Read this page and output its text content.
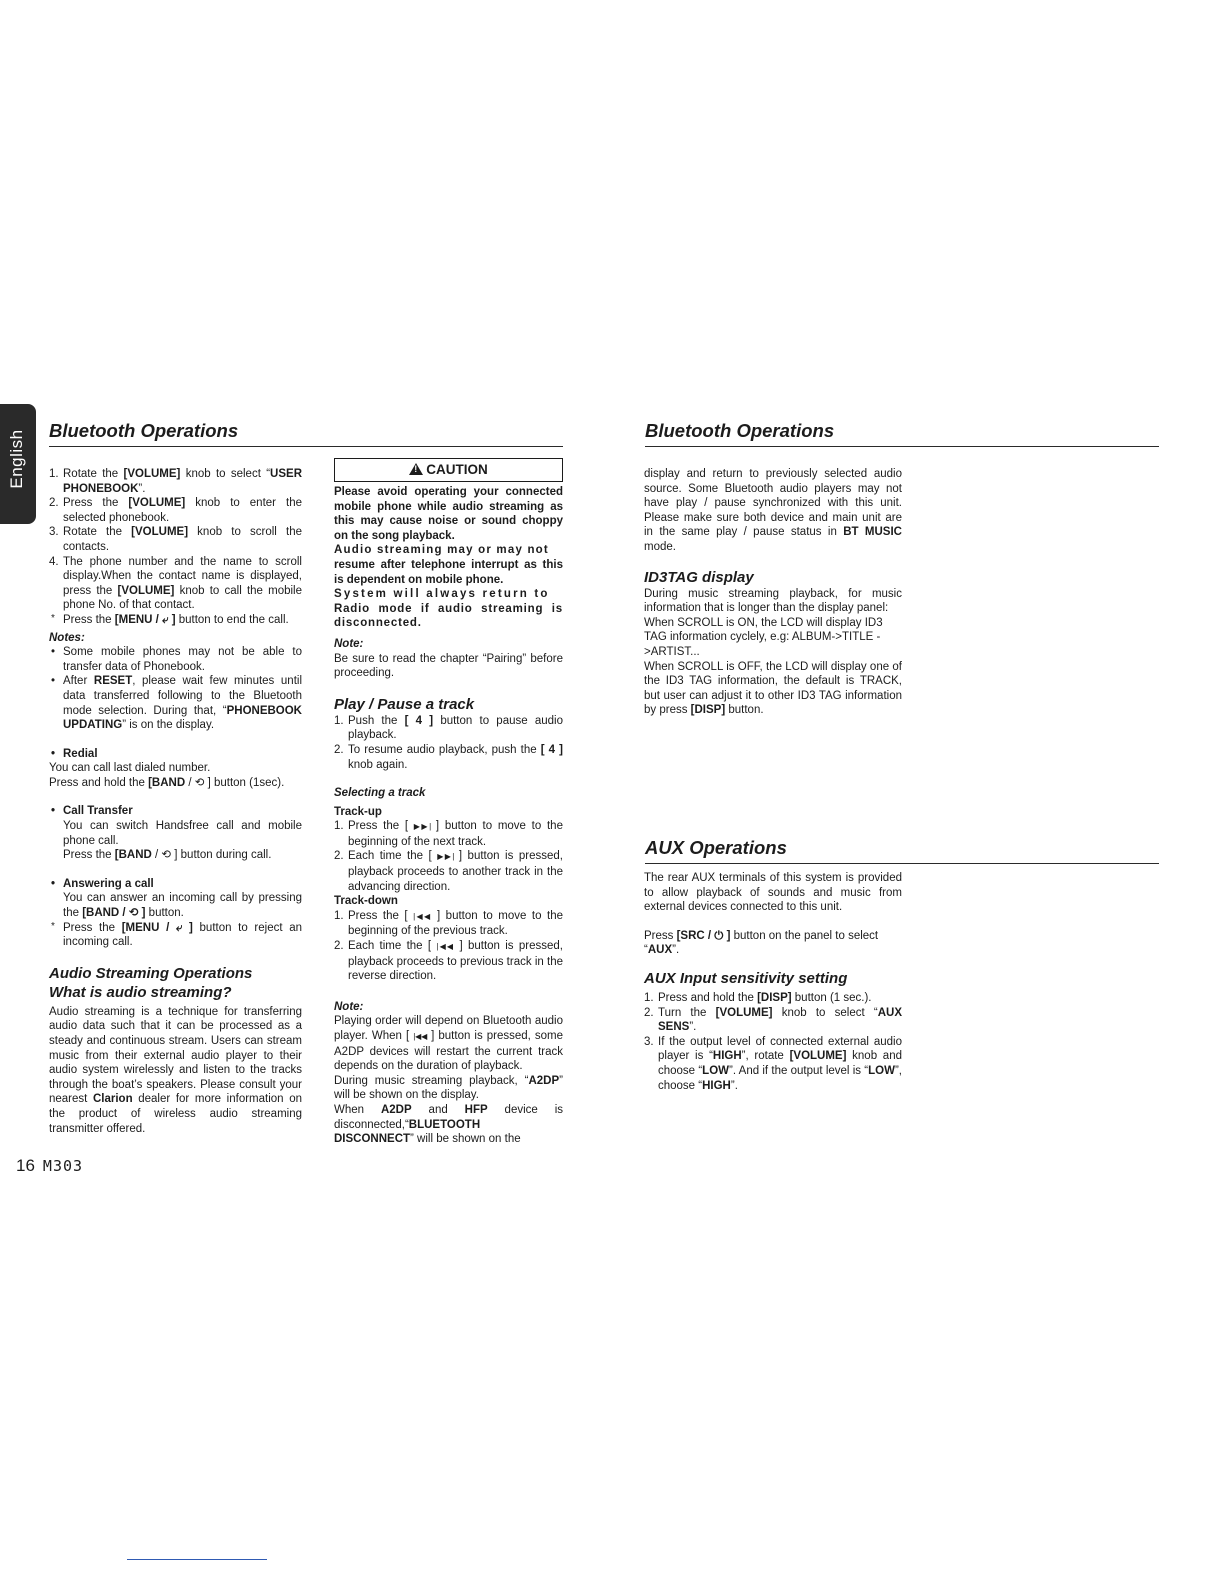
English Bluetooth Operations	Bluetooth Operations
1. Rotate the [VOLUME] knob to select “USER PHONEBOOK”.
2. Press the [VOLUME] knob to enter the selected phonebook.
3. Rotate the [VOLUME] knob to scroll the contacts.
4. The phone number and the name to scroll display.When the contact name is displayed, press the [VOLUME] knob to call the mobile phone No. of that contact.
* Press the [MENU / ⤶ ] button to end the call.
Notes:
• Some mobile phones may not be able to transfer data of Phonebook.
• After RESET, please wait few minutes until data transferred following to the Bluetooth mode selection. During that, “PHONEBOOK UPDATING” is on the display.
• Redial

You can call last dialed number.

Press and hold the [BAND / ⟲ ] button (1sec).

• Call Transfer
You can switch Handsfree call and mobile phone call.
Press the [BAND / ⟲ ] button during call.
• Answering a call
You can answer an incoming call by pressing the [BAND / ⟲ ] button.
* Press the [MENU / ⤶ ] button to reject an incoming call.
Audio Streaming Operations
What is audio streaming?

Audio streaming is a technique for transferring audio data such that it can be processed as a steady and continuous stream. Users can stream music from their external audio player to their audio system wirelessly and listen to the tracks through the boat’s speakers. Please consult your nearest Clarion dealer for more information on the product of wireless audio streaming transmitter offered.

!CAUTION
Please avoid operating your connected mobile phone while audio streaming as this may cause noise or sound choppy on the song playback.
Audio streaming may or may not
resume after telephone interrupt as this is dependent on mobile phone.
System will always return to
Radio mode if audio streaming is disconnected.
Note:

Be sure to read the chapter “Pairing” before proceeding.

Play / Pause a track
1. Push the [ 4 ] button to pause audio playback.
2. To resume audio playback, push the [ 4 ] knob again.
Selecting a track
Track-up
1. Press the [ ▶▶| ] button to move to the beginning of the next track.
2. Each time the [ ▶▶| ] button is pressed, playback proceeds to another track in the advancing direction.
Track-down
1. Press the [ |◀◀ ] button to move to the beginning of the previous track.
2. Each time the [ |◀◀ ] button is pressed, playback proceeds to previous track in the reverse direction.
Note:

Playing order will depend on Bluetooth audio player. When [ |◀◀ ] button is pressed, some A2DP devices will restart the current track depends on the duration of playback.

During music streaming playback, “A2DP” will be shown on the display.

When A2DP and HFP device is disconnected,“BLUETOOTH DISCONNECT” will be shown on the

display and return to previously selected audio source. Some Bluetooth audio players may not have play / pause synchronized with this unit. Please make sure both device and main unit are in the same play / pause status in BT MUSIC mode.

ID3TAG display

During music streaming playback, for music information that is longer than the display panel:

When SCROLL is ON, the LCD will display ID3 TAG information cyclely, e.g: ALBUM->TITLE ->ARTIST...

When SCROLL is OFF, the LCD will display one of the ID3 TAG information, the default is TRACK, but user can adjust it to other ID3 TAG information by press [DISP] button.

AUX Operations

The rear AUX terminals of this system is provided to allow playback of sounds and music from external devices connected to this unit.

Press [SRC / ⏻ ] button on the panel to select “AUX”.

AUX Input sensitivity setting
1. Press and hold the [DISP] button (1 sec.).
2. Turn the [VOLUME] knob to select “AUX SENS”.
3. If the output level of connected external audio player is “HIGH”, rotate [VOLUME] knob and choose “LOW”. And if the output level is “LOW”, choose “HIGH”.
16 M303
